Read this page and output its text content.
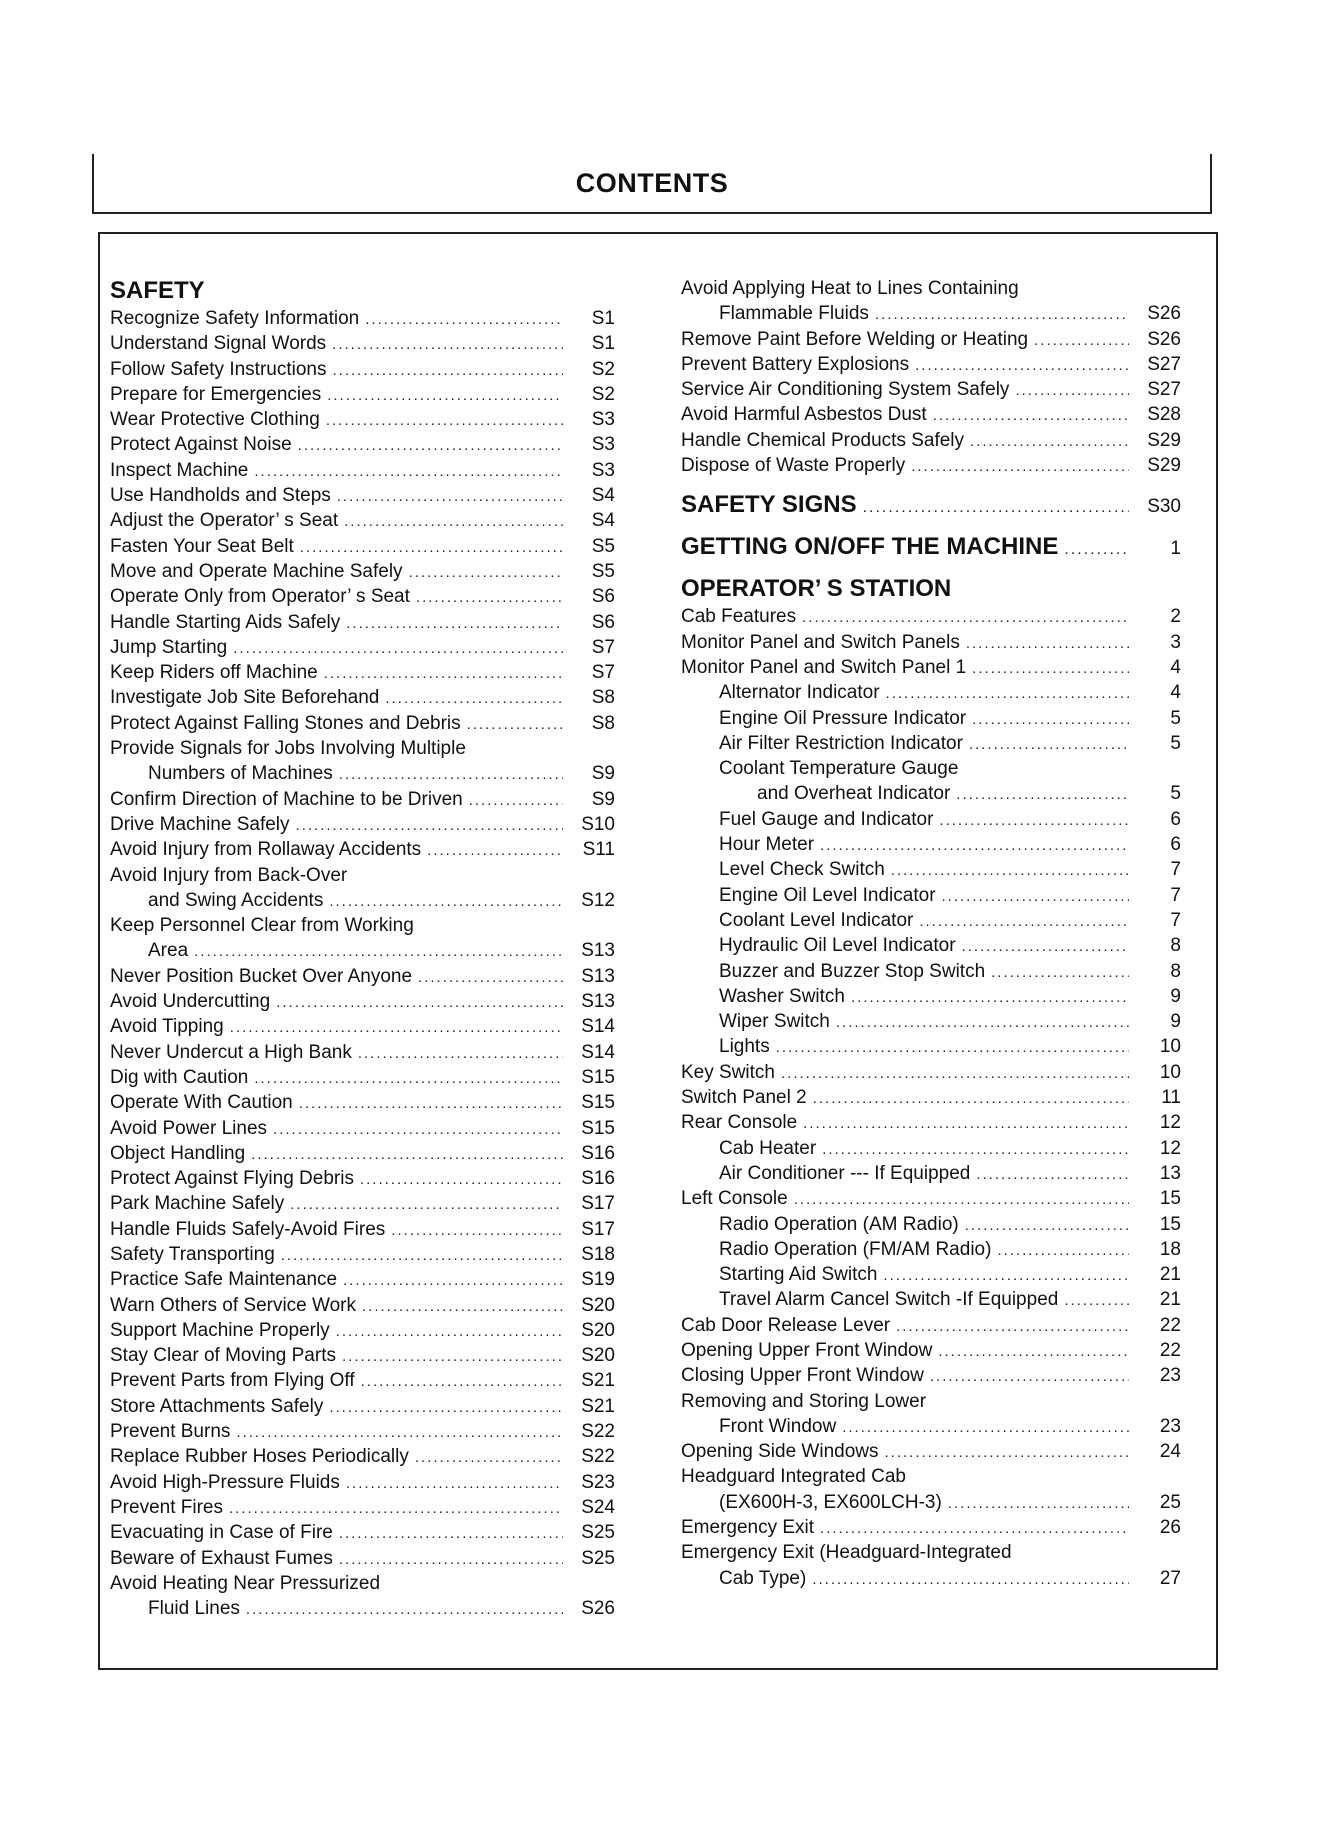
CONTENTS
SAFETY
Recognize Safety Information .....	S1
Understand Signal Words .....	S1
Follow Safety Instructions .....	S2
Prepare for Emergencies .....	S2
Wear Protective Clothing .....	S3
Protect Against Noise .....	S3
Inspect Machine .....	S3
Use Handholds and Steps .....	S4
Adjust the Operator’ s Seat .....	S4
Fasten Your Seat Belt .....	S5
Move and Operate Machine Safely .....	S5
Operate Only from Operator’ s Seat .....	S6
Handle Starting Aids Safely .....	S6
Jump Starting .....	S7
Keep Riders off Machine .....	S7
Investigate Job Site Beforehand .....	S8
Protect Against Falling Stones and Debris .....	S8
Provide Signals for Jobs Involving Multiple
Numbers of Machines .....	S9
Confirm Direction of Machine to be Driven .....	S9
Drive Machine Safely .....	S10
Avoid Injury from Rollaway Accidents .....	S11
Avoid Injury from Back-Over
and Swing Accidents .....	S12
Keep Personnel Clear from Working
Area .....	S13
Never Position Bucket Over Anyone .....	S13
Avoid Undercutting .....	S13
Avoid Tipping .....	S14
Never Undercut a High Bank .....	S14
Dig with Caution .....	S15
Operate With Caution .....	S15
Avoid Power Lines .....	S15
Object Handling .....	S16
Protect Against Flying Debris .....	S16
Park Machine Safely .....	S17
Handle Fluids Safely-Avoid Fires .....	S17
Safety Transporting .....	S18
Practice Safe Maintenance .....	S19
Warn Others of Service Work .....	S20
Support Machine Properly .....	S20
Stay Clear of Moving Parts .....	S20
Prevent Parts from Flying Off .....	S21
Store Attachments Safely .....	S21
Prevent Burns .....	S22
Replace Rubber Hoses Periodically .....	S22
Avoid High-Pressure Fluids .....	S23
Prevent Fires .....	S24
Evacuating in Case of Fire .....	S25
Beware of Exhaust Fumes .....	S25
Avoid Heating Near Pressurized
Fluid Lines .....	S26
Avoid Applying Heat to Lines Containing
Flammable Fluids .....	S26
Remove Paint Before Welding or Heating .....	S26
Prevent Battery Explosions .....	S27
Service Air Conditioning System Safely .....	S27
Avoid Harmful Asbestos Dust .....	S28
Handle Chemical Products Safely .....	S29
Dispose of Waste Properly .....	S29
SAFETY SIGNS .....	S30
GETTING ON/OFF THE MACHINE .....	1
OPERATOR’ S STATION
Cab Features .....	2
Monitor Panel and Switch Panels .....	3
Monitor Panel and Switch Panel 1 .....	4
Alternator Indicator .....	4
Engine Oil Pressure Indicator .....	5
Air Filter Restriction Indicator .....	5
Coolant Temperature Gauge
and Overheat Indicator .....	5
Fuel Gauge and Indicator .....	6
Hour Meter .....	6
Level Check Switch .....	7
Engine Oil Level Indicator .....	7
Coolant Level Indicator .....	7
Hydraulic Oil Level Indicator .....	8
Buzzer and Buzzer Stop Switch .....	8
Washer Switch .....	9
Wiper Switch .....	9
Lights .....	10
Key Switch .....	10
Switch Panel 2 .....	11
Rear Console .....	12
Cab Heater .....	12
Air Conditioner --- If Equipped .....	13
Left Console .....	15
Radio Operation (AM Radio) .....	15
Radio Operation (FM/AM Radio) .....	18
Starting Aid Switch .....	21
Travel Alarm Cancel Switch -If Equipped .....	21
Cab Door Release Lever .....	22
Opening Upper Front Window .....	22
Closing Upper Front Window .....	23
Removing and Storing Lower
Front Window .....	23
Opening Side Windows .....	24
Headguard Integrated Cab
(EX600H-3, EX600LCH-3) .....	25
Emergency Exit .....	26
Emergency Exit (Headguard-Integrated
Cab Type) .....	27
